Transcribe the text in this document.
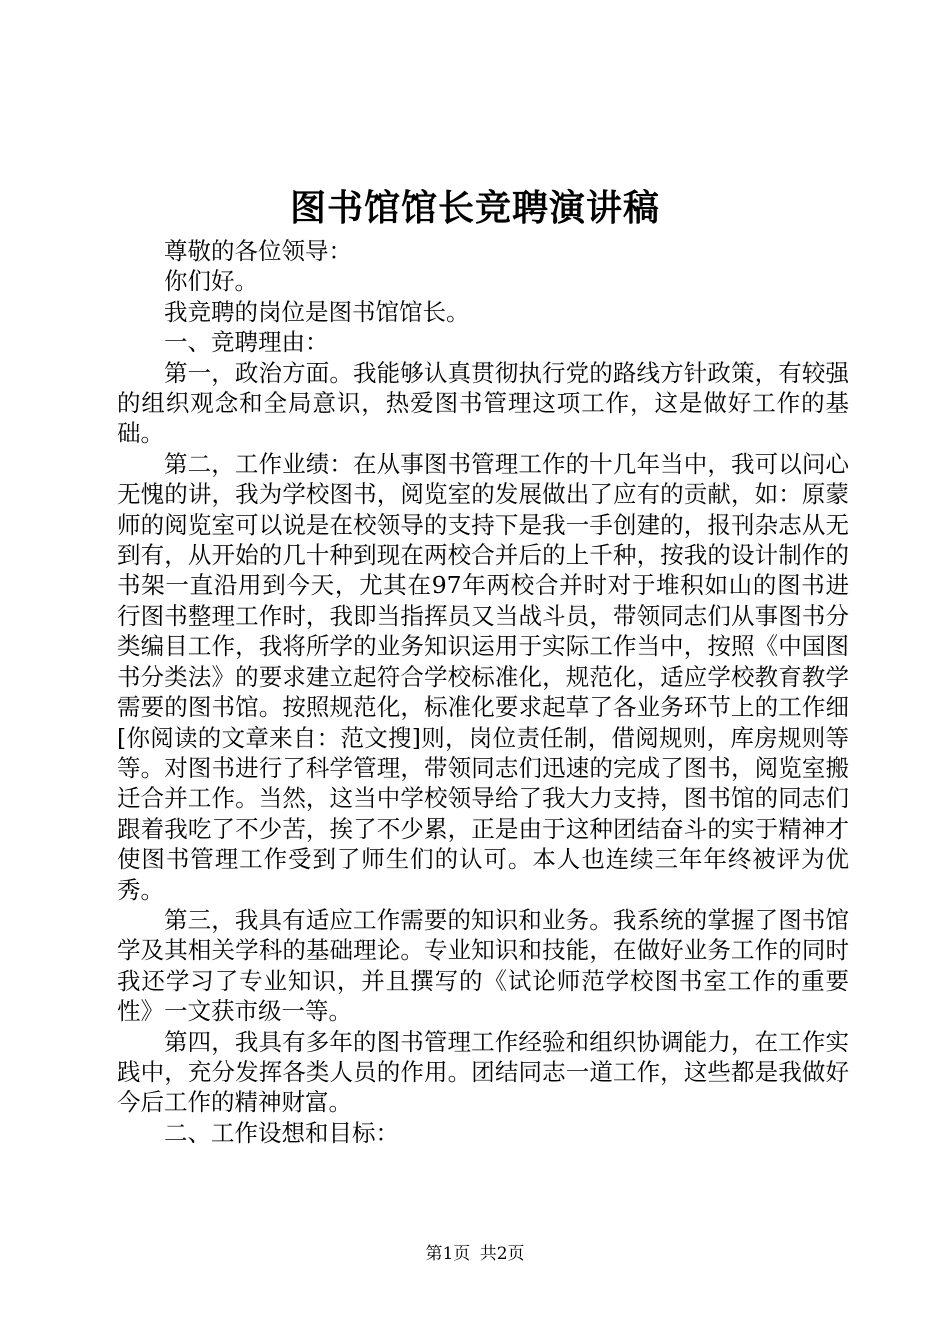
图书馆馆长竞聘演讲稿

尊敬的各位领导：

你们好。

我竞聘的岗位是图书馆馆长。

一、竞聘理由：

第一，政治方面。我能够认真贯彻执行党的路线方针政策，有较强的组织观念和全局意识，热爱图书管理这项工作，这是做好工作的基础。

第二，工作业绩：在从事图书管理工作的十几年当中，我可以问心无愧的讲，我为学校图书，阅览室的发展做出了应有的贡献，如：原蒙师的阅览室可以说是在校领导的支持下是我一手创建的，报刊杂志从无到有，从开始的几十种到现在两校合并后的上千种，按我的设计制作的书架一直沿用到今天，尤其在97年两校合并时对于堆积如山的图书进行图书整理工作时，我即当指挥员又当战斗员，带领同志们从事图书分类编目工作，我将所学的业务知识运用于实际工作当中，按照《中国图书分类法》的要求建立起符合学校标准化，规范化，适应学校教育教学需要的图书馆。按照规范化，标准化要求起草了各业务环节上的工作细[你阅读的文章来自：范文搜]则，岗位责任制，借阅规则，库房规则等等。对图书进行了科学管理，带领同志们迅速的完成了图书，阅览室搬迁合并工作。当然，这当中学校领导给了我大力支持，图书馆的同志们跟着我吃了不少苦，挨了不少累，正是由于这种团结奋斗的实于精神才使图书管理工作受到了师生们的认可。本人也连续三年年终被评为优秀。

第三，我具有适应工作需要的知识和业务。我系统的掌握了图书馆学及其相关学科的基础理论。专业知识和技能，在做好业务工作的同时我还学习了专业知识，并且撰写的《试论师范学校图书室工作的重要性》一文获市级一等。

第四，我具有多年的图书管理工作经验和组织协调能力，在工作实践中，充分发挥各类人员的作用。团结同志一道工作，这些都是我做好今后工作的精神财富。

二、工作设想和目标：

第1页 共2页
